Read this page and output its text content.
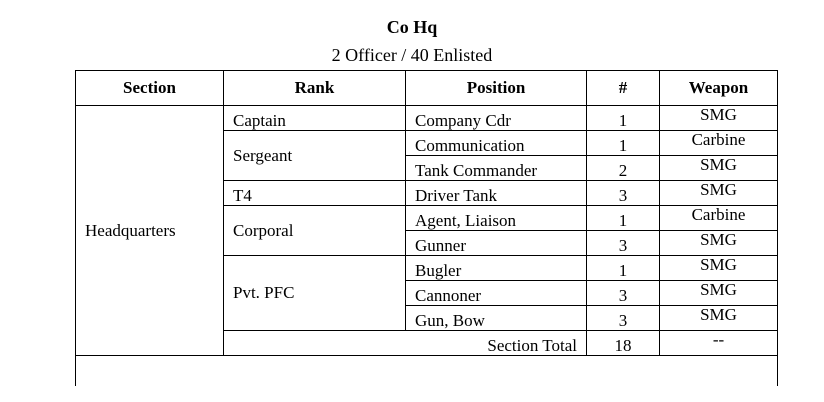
Co Hq
2 Officer / 40 Enlisted
Section	Rank	Position	#	Weapon
Headquarters	Captain	Company Cdr	1	SMG
	Sergeant	Communication	1	Carbine
		Tank Commander	2	SMG
	T4	Driver Tank	3	SMG
	Corporal	Agent, Liaison	1	Carbine
		Gunner	3	SMG
	Pvt. PFC	Bugler	1	SMG
		Cannoner	3	SMG
		Gun, Bow	3	SMG
	Section Total		18	--
